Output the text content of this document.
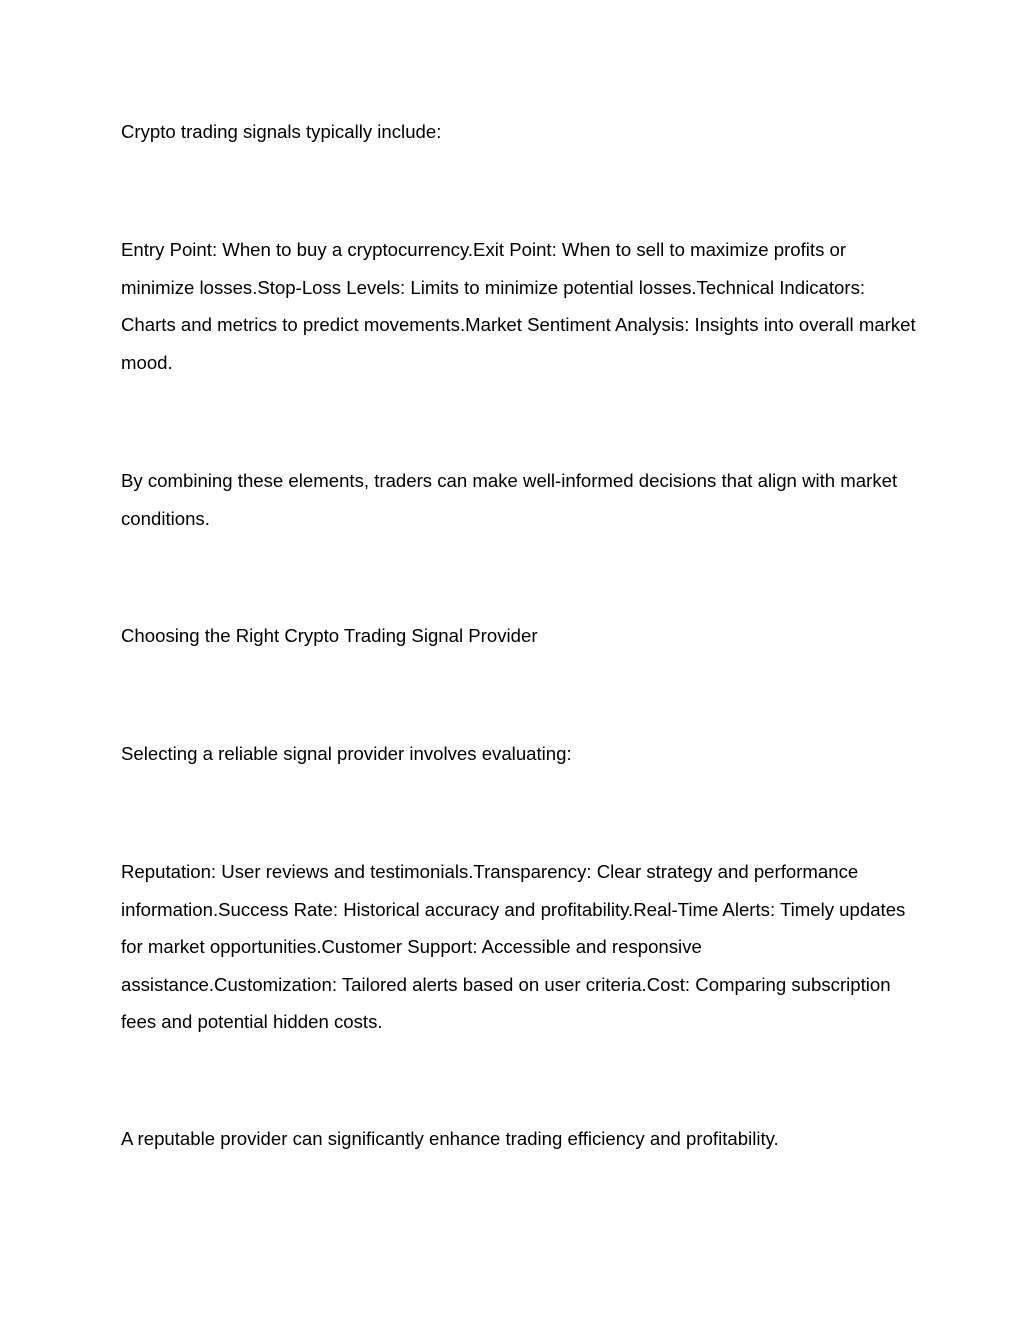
Crypto trading signals typically include:

Entry Point: When to buy a cryptocurrency.Exit Point: When to sell to maximize profits or minimize losses.Stop-Loss Levels: Limits to minimize potential losses.Technical Indicators: Charts and metrics to predict movements.Market Sentiment Analysis: Insights into overall market mood.

By combining these elements, traders can make well-informed decisions that align with market conditions.

Choosing the Right Crypto Trading Signal Provider

Selecting a reliable signal provider involves evaluating:

Reputation: User reviews and testimonials.Transparency: Clear strategy and performance information.Success Rate: Historical accuracy and profitability.Real-Time Alerts: Timely updates for market opportunities.Customer Support: Accessible and responsive assistance.Customization: Tailored alerts based on user criteria.Cost: Comparing subscription fees and potential hidden costs.

A reputable provider can significantly enhance trading efficiency and profitability.
